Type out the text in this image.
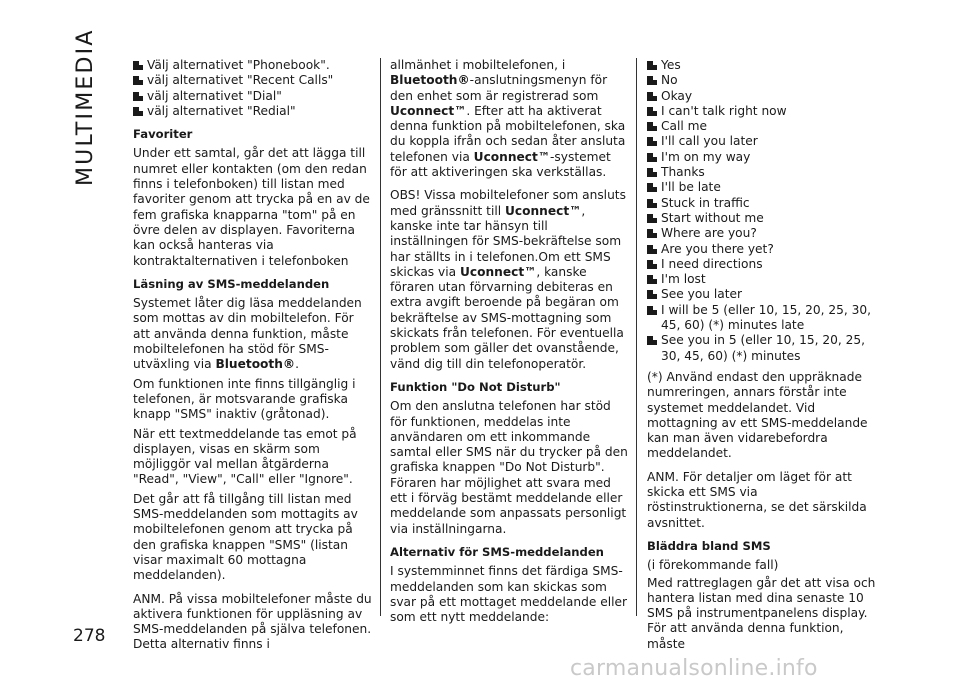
MULTIMEDIA
278
Välj alternativet "Phonebook".
välj alternativet "Recent Calls"
välj alternativet "Dial"
välj alternativet "Redial"
Favoriter

Under ett samtal, går det att lägga till numret eller kontakten (om den redan finns i telefonboken) till listan med favoriter genom att trycka på en av de fem grafiska knapparna "tom" på en övre delen av displayen. Favoriterna kan också hanteras via kontraktalternativen i telefonboken

Läsning av SMS-meddelanden

Systemet låter dig läsa meddelanden som mottas av din mobiltelefon. För att använda denna funktion, måste mobiltelefonen ha stöd för SMS-utväxling via Bluetooth®.

Om funktionen inte finns tillgänglig i telefonen, är motsvarande grafiska knapp "SMS" inaktiv (gråtonad).

När ett textmeddelande tas emot på displayen, visas en skärm som möjliggör val mellan åtgärderna "Read", "View", "Call" eller "Ignore".

Det går att få tillgång till listan med SMS-meddelanden som mottagits av mobiltelefonen genom att trycka på den grafiska knappen "SMS" (listan visar maximalt 60 mottagna meddelanden).

ANM. På vissa mobiltelefoner måste du aktivera funktionen för uppläsning av SMS-meddelanden på själva telefonen. Detta alternativ finns i

allmänhet i mobiltelefonen, i Bluetooth®-anslutningsmenyn för den enhet som är registrerad som Uconnect™. Efter att ha aktiverat denna funktion på mobiltelefonen, ska du koppla ifrån och sedan åter ansluta telefonen via Uconnect™-systemet för att aktiveringen ska verkställas.

OBS! Vissa mobiltelefoner som ansluts med gränssnitt till Uconnect™, kanske inte tar hänsyn till inställningen för SMS-bekräftelse som har ställts in i telefonen.Om ett SMS skickas via Uconnect™, kanske föraren utan förvarning debiteras en extra avgift beroende på begäran om bekräftelse av SMS-mottagning som skickats från telefonen. För eventuella problem som gäller det ovanstående, vänd dig till din telefonoperatör.

Funktion "Do Not Disturb"

Om den anslutna telefonen har stöd för funktionen, meddelas inte användaren om ett inkommande samtal eller SMS när du trycker på den grafiska knappen "Do Not Disturb". Föraren har möjlighet att svara med ett i förväg bestämt meddelande eller meddelande som anpassats personligt via inställningarna.

Alternativ för SMS-meddelanden

I systemminnet finns det färdiga SMS-meddelanden som kan skickas som svar på ett mottaget meddelande eller som ett nytt meddelande:

Yes
No
Okay
I can't talk right now
Call me
I'll call you later
I'm on my way
Thanks
I'll be late
Stuck in traffic
Start without me
Where are you?
Are you there yet?
I need directions
I'm lost
See you later
I will be 5 (eller 10, 15, 20, 25, 30, 45, 60) (*) minutes late
See you in 5 (eller 10, 15, 20, 25, 30, 45, 60) (*) minutes

(*) Använd endast den uppräknade numreringen, annars förstår inte systemet meddelandet. Vid mottagning av ett SMS-meddelande kan man även vidarebefordra meddelandet.

ANM. För detaljer om läget för att skicka ett SMS via röstinstruktionerna, se det särskilda avsnittet.

Bläddra bland SMS

(i förekommande fall)

Med rattreglagen går det att visa och hantera listan med dina senaste 10 SMS på instrumentpanelens display. För att använda denna funktion, måste

carmanualsonline.info
